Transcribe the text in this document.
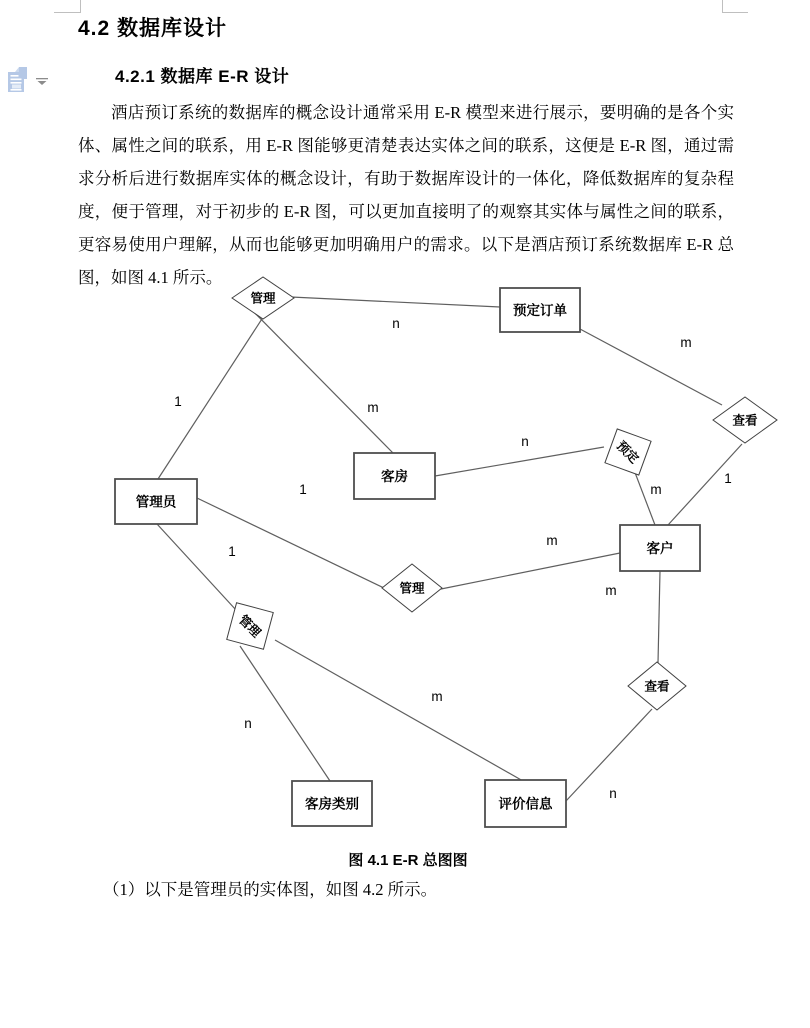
4.2 数据库设计
4.2.1 数据库 E-R 设计
酒店预订系统的数据库的概念设计通常采用 E-R 模型来进行展示，要明确的是各个实体、属性之间的联系，用 E-R 图能够更清楚表达实体之间的联系，这便是 E-R 图，通过需求分析后进行数据库实体的概念设计，有助于数据库设计的一体化，降低数据库的复杂程度，便于管理，对于初步的 E-R 图，可以更加直接明了的观察其实体与属性之间的联系，更容易使用户理解，从而也能够更加明确用户的需求。以下是酒店预订系统数据库 E-R 总图，如图 4.1 所示。
预定订单
客房
管理员
客户
客房类别	评价信息
管理
查看
预定
管理
管理
查看
n
m
m
1
1
n
m
1
1
m
m
n
m
n
图 4.1 E-R 总图图
（1）以下是管理员的实体图，如图 4.2 所示。
